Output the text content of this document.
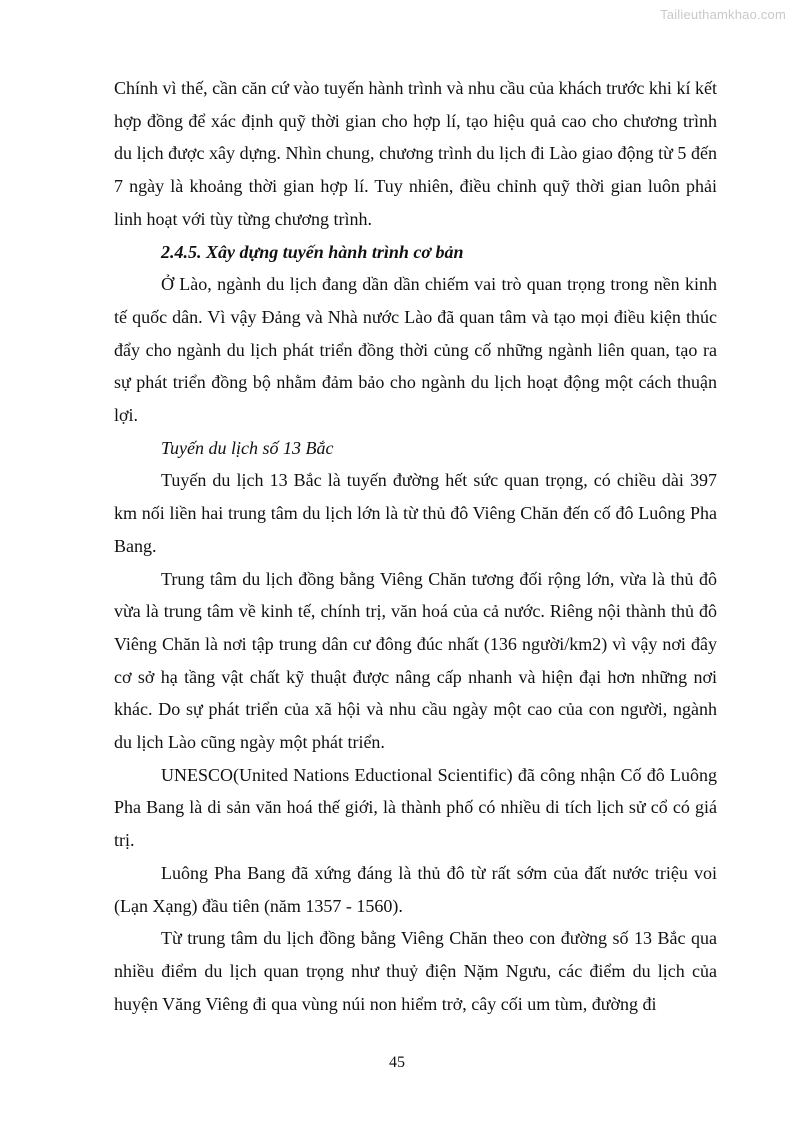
Tailieuthamkhao.com

Chính vì thế, cần căn cứ vào tuyến hành trình và nhu cầu của khách trước khi kí kết hợp đồng để xác định quỹ thời gian cho hợp lí, tạo hiệu quả cao cho chương trình du lịch được xây dựng. Nhìn chung, chương trình du lịch đi Lào giao động từ 5 đến 7 ngày là khoảng thời gian hợp lí. Tuy nhiên, điều chỉnh quỹ thời gian luôn phải linh hoạt với tùy từng chương trình.

2.4.5. Xây dựng tuyến hành trình cơ bản

Ở Lào, ngành du lịch đang dần dần chiếm vai trò quan trọng trong nền kinh tế quốc dân. Vì vậy Đảng và Nhà nước Lào đã quan tâm và tạo mọi điều kiện thúc đẩy cho ngành du lịch phát triển đồng thời củng cố những ngành liên quan, tạo ra sự phát triển đồng bộ nhằm đảm bảo cho ngành du lịch hoạt động một cách thuận lợi.

Tuyến du lịch số 13 Bắc

Tuyến du lịch 13 Bắc là tuyến đường hết sức quan trọng, có chiều dài 397 km nối liền hai trung tâm du lịch lớn là từ thủ đô Viêng Chăn đến cố đô Luông Pha Bang.

Trung tâm du lịch đồng bằng Viêng Chăn tương đối rộng lớn, vừa là thủ đô vừa là trung tâm về kinh tế, chính trị, văn hoá của cả nước. Riêng nội thành thủ đô Viêng Chăn là nơi tập trung dân cư đông đúc nhất (136 người/km2) vì vậy nơi đây cơ sở hạ tầng vật chất kỹ thuật được nâng cấp nhanh và hiện đại hơn những nơi khác. Do sự phát triển của xã hội và nhu cầu ngày một cao của con người, ngành du lịch Lào cũng ngày một phát triển.

UNESCO(United Nations Eductional Scientific) đã công nhận Cố đô Luông Pha Bang là di sản văn hoá thế giới, là thành phố có nhiều di tích lịch sử cổ có giá trị.

Luông Pha Bang đã xứng đáng là thủ đô từ rất sớm của đất nước triệu voi (Lạn Xạng) đầu tiên (năm 1357 - 1560).

Từ trung tâm du lịch đồng bằng Viêng Chăn theo con đường số 13 Bắc qua nhiều điểm du lịch quan trọng như thuỷ điện Nặm Ngưu, các điểm du lịch của huyện Văng Viêng đi qua vùng núi non hiểm trở, cây cối um tùm, đường đi

45
